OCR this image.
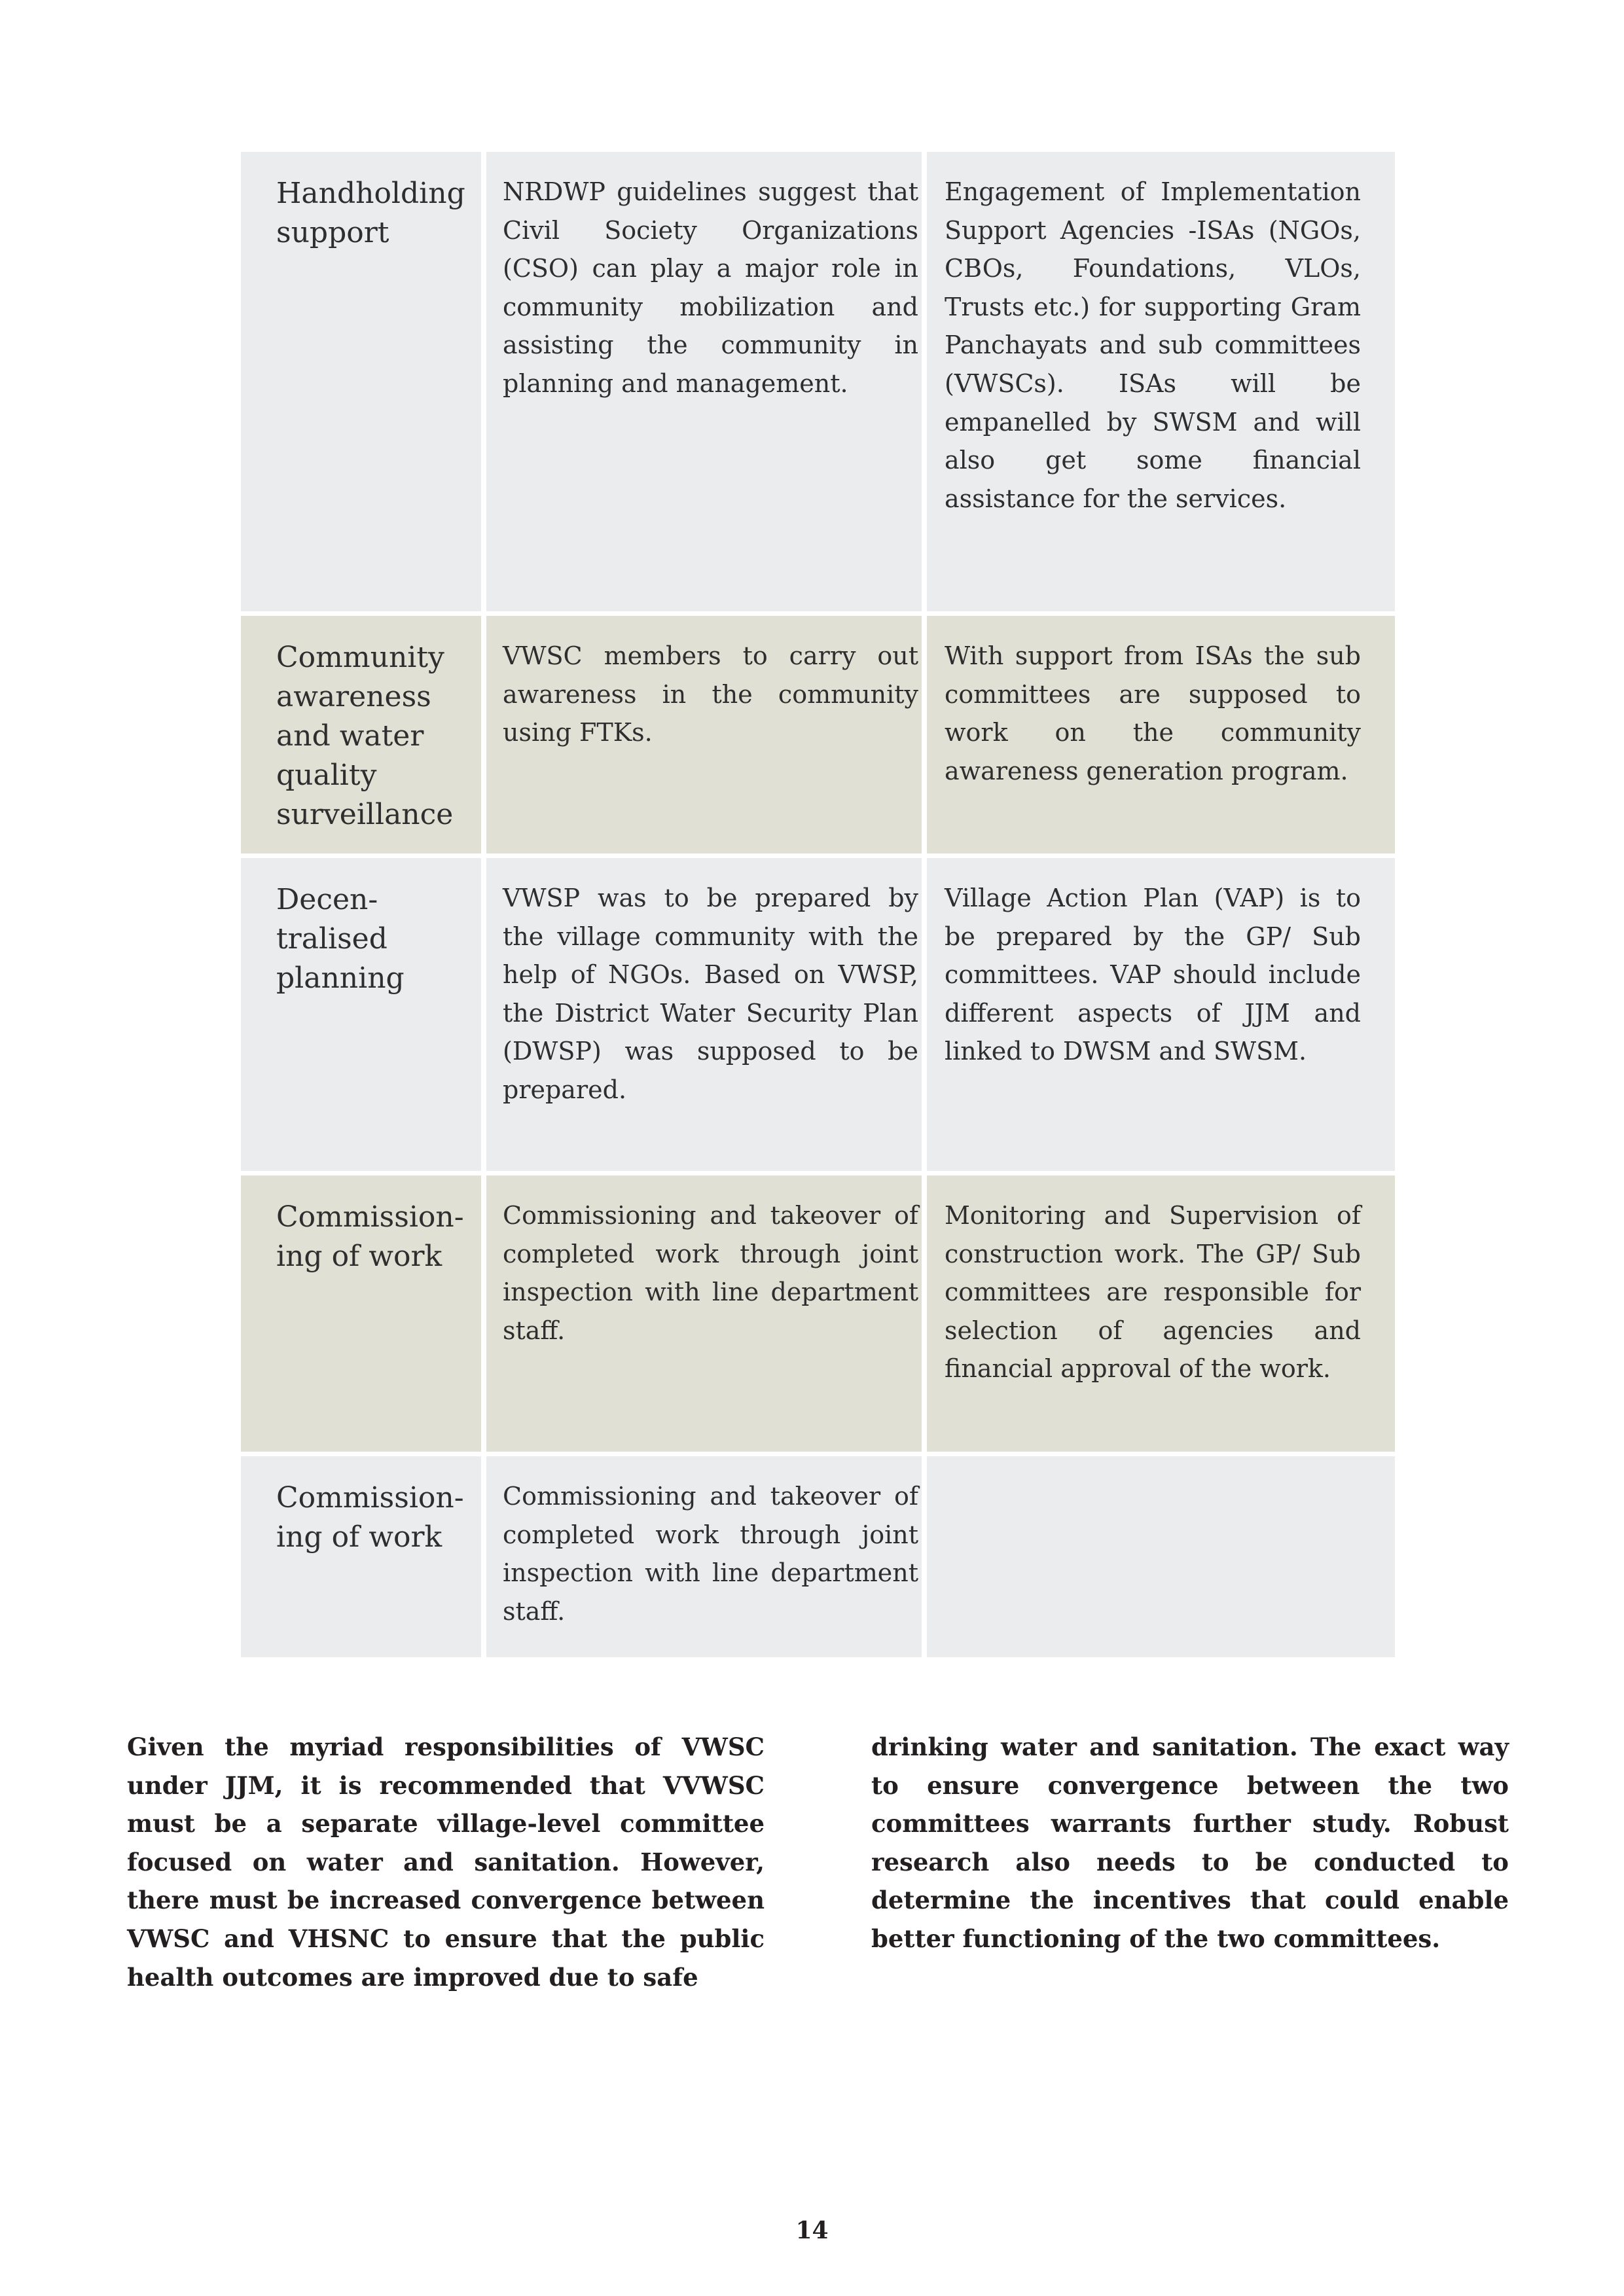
Handholding support
NRDWP guidelines suggest that Civil Society Organizations (CSO) can play a major role in community mobilization and assisting the community in planning and management.
Engagement of Implementation Support Agencies -ISAs (NGOs, CBOs, Foundations, VLOs, Trusts etc.) for supporting Gram Panchayats and sub committees (VWSCs). ISAs will be empanelled by SWSM and will also get some financial assistance for the services.
Community awareness and water quality surveillance
VWSC members to carry out awareness in the community using FTKs.
With support from ISAs the sub committees are supposed to work on the community awareness generation program.
Decen-tralised planning
VWSP was to be prepared by the village community with the help of NGOs. Based on VWSP, the District Water Security Plan (DWSP) was supposed to be prepared.
Village Action Plan (VAP) is to be prepared by the GP/ Sub committees. VAP should include different aspects of JJM and linked to DWSM and SWSM.
Commission-ing of work
Commissioning and takeover of completed work through joint inspection with line department staff.
Monitoring and Supervision of construction work. The GP/ Sub committees are responsible for selection of agencies and financial approval of the work.
Commission-ing of work
Commissioning and takeover of completed work through joint inspection with line department staff.

Given the myriad responsibilities of VWSC under JJM, it is recommended that VVWSC must be a separate village-level committee focused on water and sanitation. However, there must be increased convergence between VWSC and VHSNC to ensure that the public health outcomes are improved due to safe

drinking water and sanitation. The exact way to ensure convergence between the two committees warrants further study. Robust research also needs to be conducted to determine the incentives that could enable better functioning of the two committees.

14
